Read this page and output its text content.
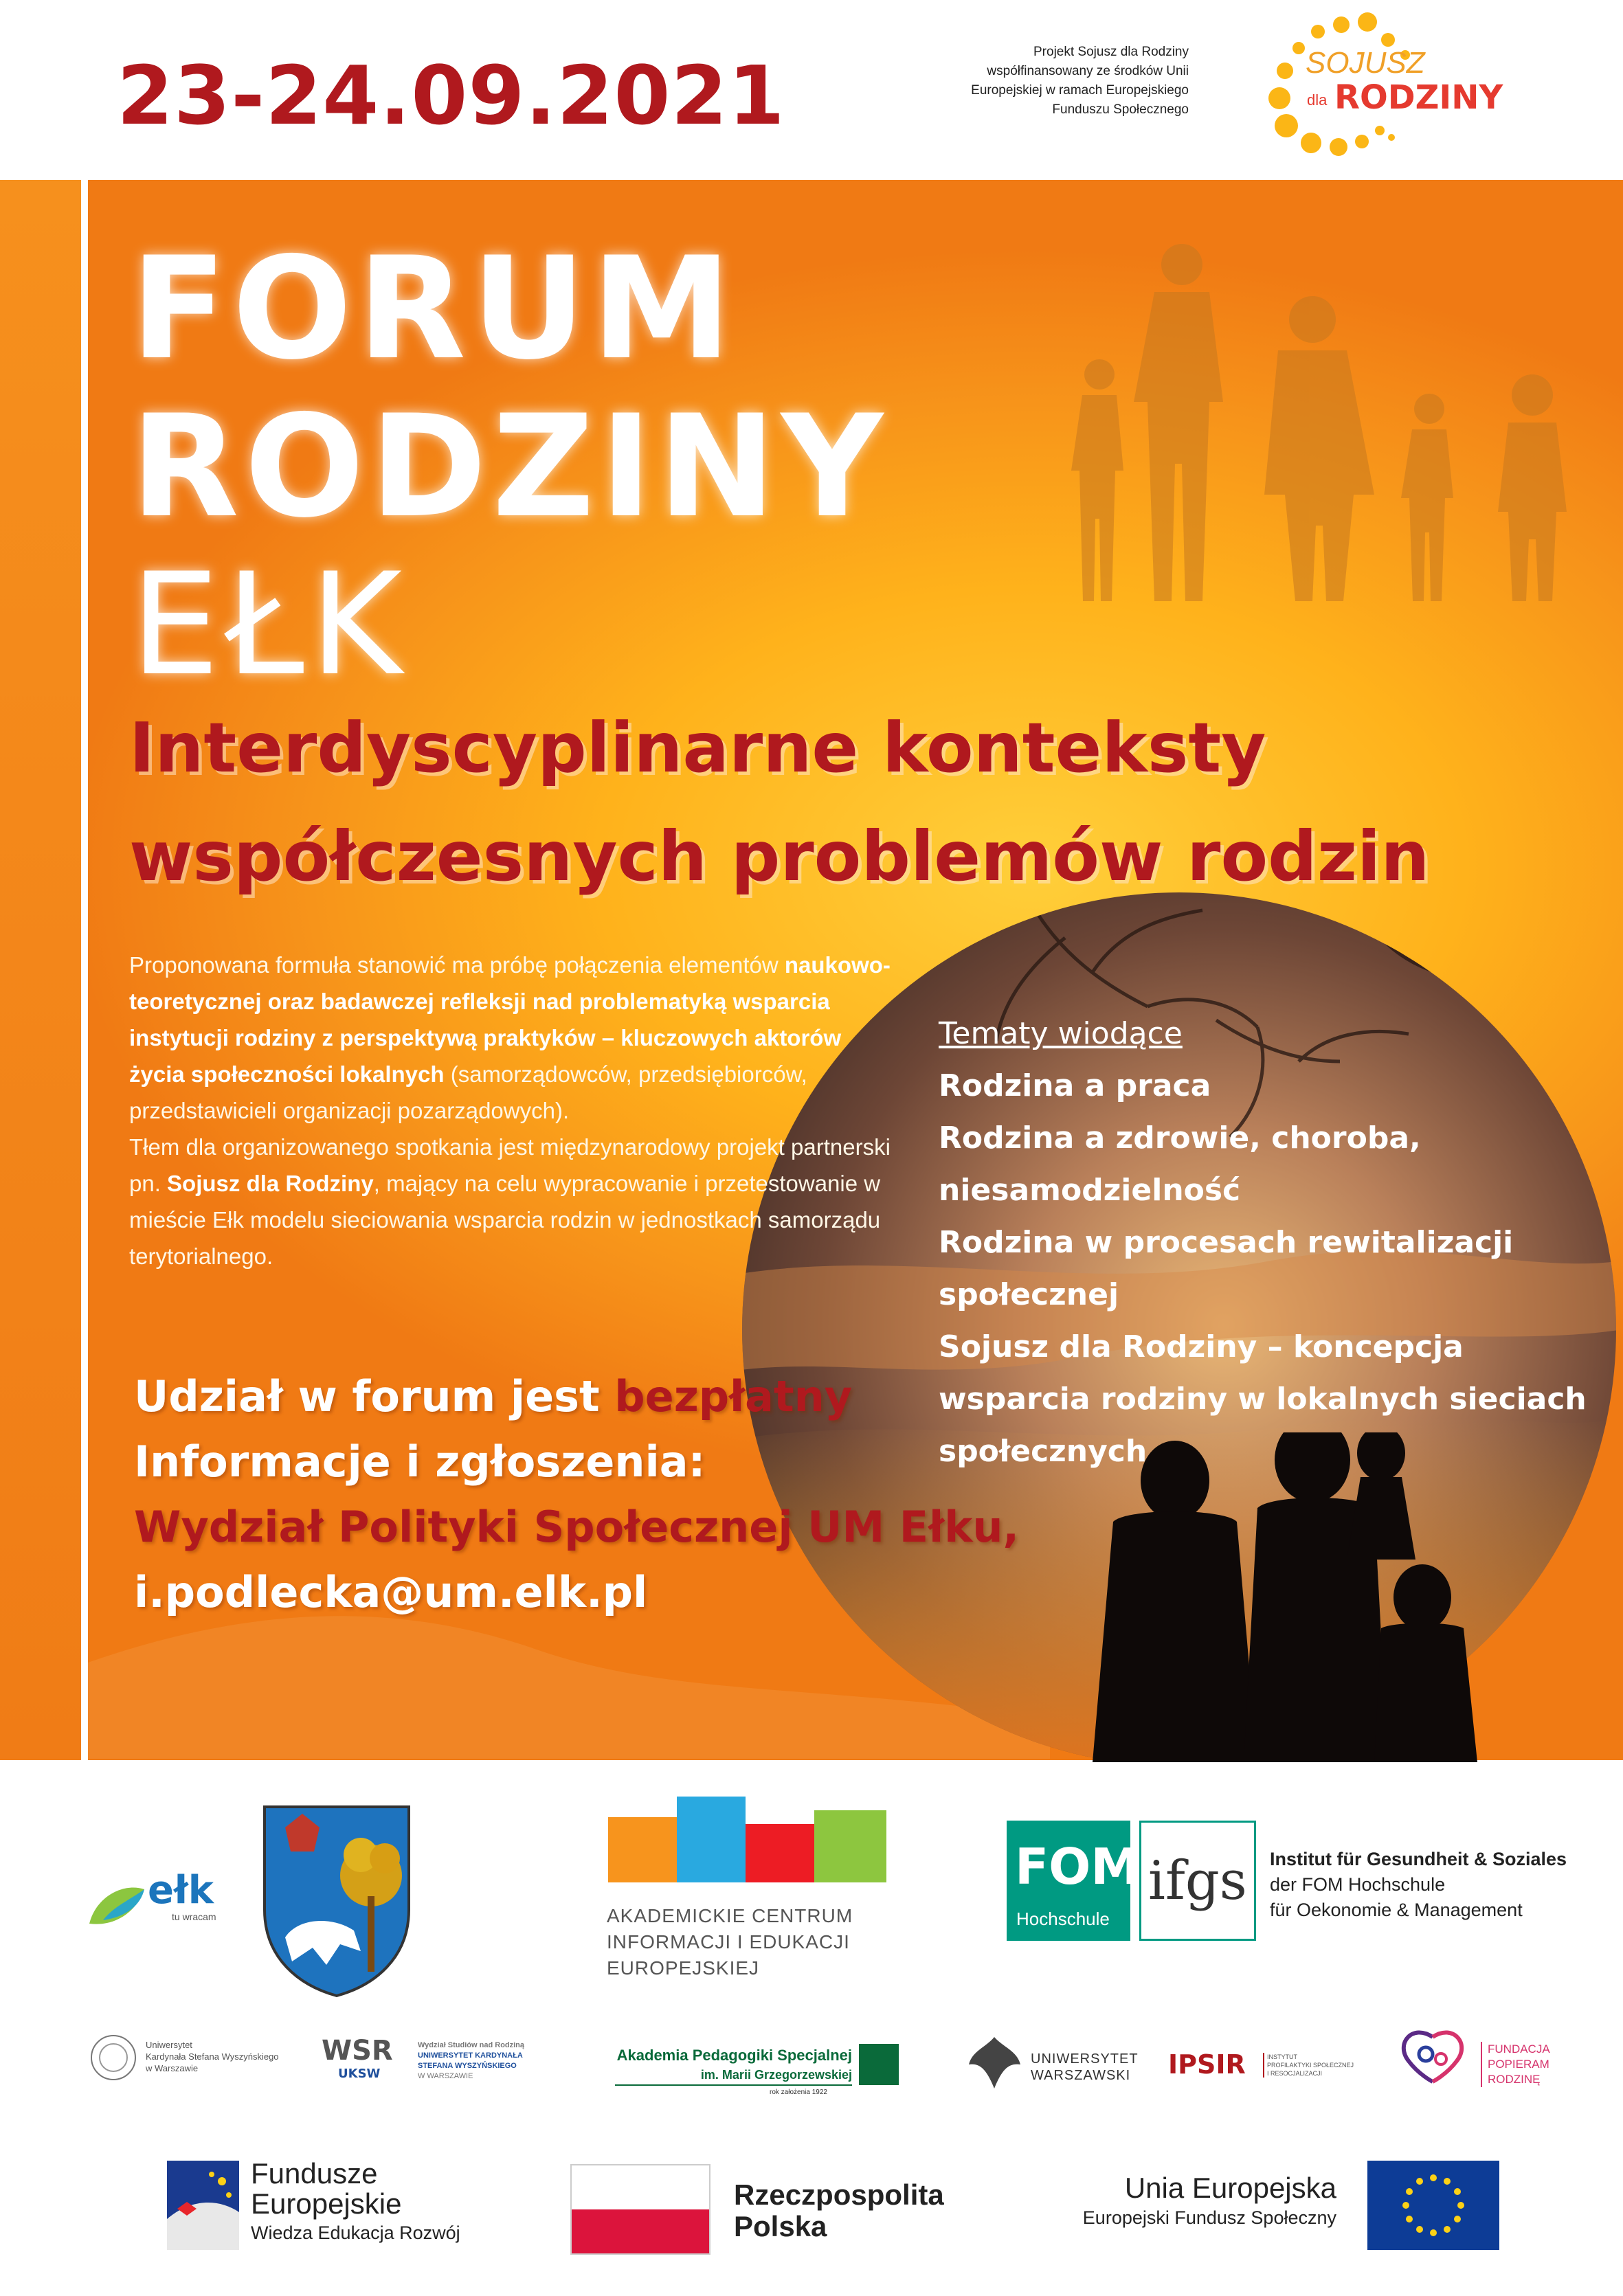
23-24.09.2021	Projekt Sojusz dla Rodziny
współfinansowany ze środków Unii
Europejskiej w ramach Europejskiego
Funduszu Społecznego
SOJUSZ
dla RODZINY
FORUM
RODZINY
EŁK
Interdyscyplinarne konteksty
współczesnych problemów rodzin
Proponowana formuła stanowić ma próbę połączenia elementów naukowo-teoretycznej oraz badawczej refleksji nad problematyką wsparcia instytucji rodziny z perspektywą praktyków – kluczowych aktorów życia społeczności lokalnych (samorządowców, przedsiębiorców, przedstawicieli organizacji pozarządowych).
Tłem dla organizowanego spotkania jest międzynarodowy projekt partnerski pn. Sojusz dla Rodziny, mający na celu wypracowanie i przetestowanie w mieście Ełk modelu sieciowania wsparcia rodzin w jednostkach samorządu terytorialnego.
Tematy wiodące
Rodzina a praca
Rodzina a zdrowie, choroba, niesamodzielność
Rodzina w procesach rewitalizacji społecznej
Sojusz dla Rodziny – koncepcja wsparcia rodziny w lokalnych sieciach społecznych
Udział w forum jest bezpłatny
Informacje i zgłoszenia:
Wydział Polityki Społecznej UM Ełku,
i.podlecka@um.elk.pl
ełk
tu wracam	AKADEMICKIE CENTRUM
INFORMACJI I EDUKACJI
EUROPEJSKIEJ
FOM
Hochschule
ifgs Institut für Gesundheit & Soziales
der FOM Hochschule
für Oekonomie & Management
Uniwersytet
Kardynała Stefana Wyszyńskiego
w Warszawie
WSR
UKSW
Wydział Studiów nad Rodziną
UNIWERSYTET KARDYNAŁA
STEFANA WYSZYŃSKIEGO
W WARSZAWIE
Akademia Pedagogiki Specjalnej
im. Marii Grzegorzewskiej
rok założenia 1922
UNIWERSYTET
WARSZAWSKI IPSIR	INSTYTUT
PROFILAKTYKI SPOŁECZNEJ
I RESOCJALIZACJI
FUNDACJA
POPIERAM
RODZINĘ
Fundusze
Europejskie
Wiedza Edukacja Rozwój
Rzeczpospolita
Polska
Unia Europejska
Europejski Fundusz Społeczny
